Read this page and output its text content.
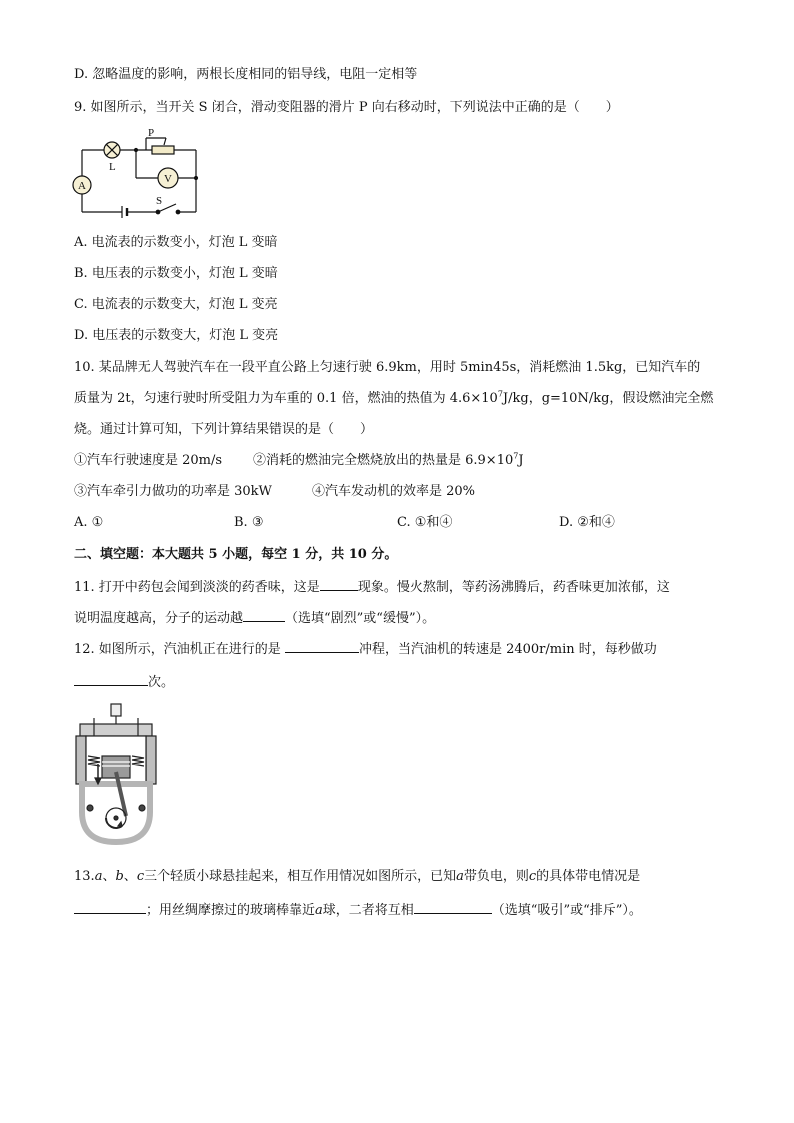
D. 忽略温度的影响，两根长度相同的铝导线，电阻一定相等
9. 如图所示，当开关 S 闭合，滑动变阻器的滑片 P 向右移动时，下列说法中正确的是（　　）
P
L
A
V
S
A. 电流表的示数变小，灯泡 L 变暗
B. 电压表的示数变小，灯泡 L 变暗
C. 电流表的示数变大，灯泡 L 变亮
D. 电压表的示数变大，灯泡 L 变亮
10. 某品牌无人驾驶汽车在一段平直公路上匀速行驶 6.9km，用时 5min45s，消耗燃油 1.5kg，已知汽车的
质量为 2t，匀速行驶时所受阻力为车重的 0.1 倍，燃油的热值为 $4.6\times 10^7J/kg$，g=10N/kg，假设燃油完全燃
烧。通过计算可知，下列计算结果错误的是（　　）
①汽车行驶速度是 20m/s ②消耗的燃油完全燃烧放出的热量是 $6.9\times 10^7J$
③汽车牵引力做功的功率是 30kW	④汽车发动机的效率是 20%
A. ①	B. ③	C. ①和④	D. ②和④
二、填空题：本大题共 5 小题，每空 1 分，共 10 分。
11. 打开中药包会闻到淡淡的药香味，这是	现象。慢火熬制，等药汤沸腾后，药香味更加浓郁，这
说明温度越高，分子的运动越	（选填“剧烈”或“缓慢”）。
12. 如图所示，汽油机正在进行的是	冲程，当汽油机的转速是 2400r/min 时，每秒做功
次。
13.a、b、c三个轻质小球悬挂起来，相互作用情况如图所示，已知a带负电，则c的具体带电情况是
；用丝绸摩擦过的玻璃棒靠近a球，二者将互相	（选填“吸引”或“排斥”）。
